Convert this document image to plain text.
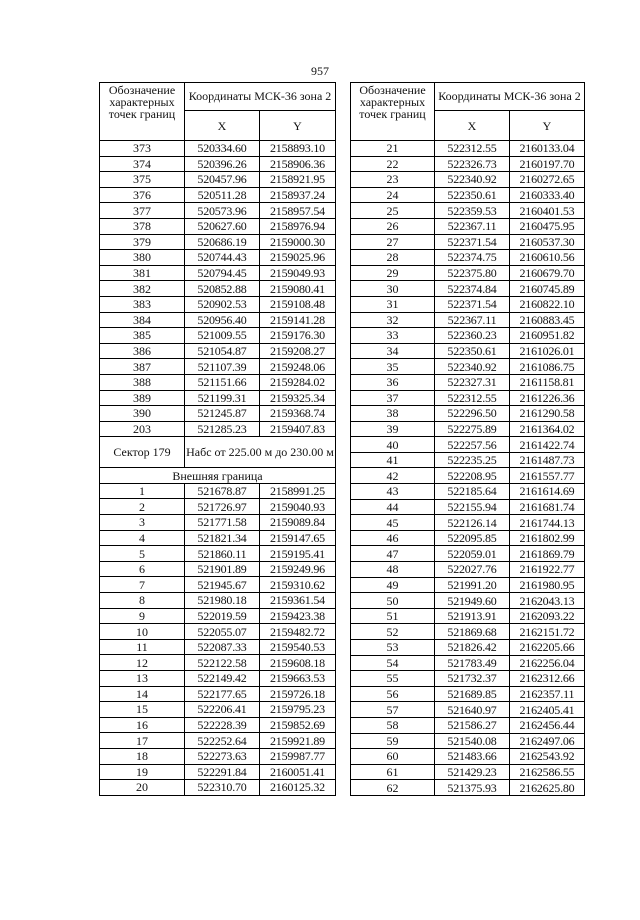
957
Обозначение характерных точек границ	Координаты МСК-36 зона 2	
	X	Y
373	520334.60	2158893.10
374	520396.26	2158906.36
375	520457.96	2158921.95
376	520511.28	2158937.24
377	520573.96	2158957.54
378	520627.60	2158976.94
379	520686.19	2159000.30
380	520744.43	2159025.96
381	520794.45	2159049.93
382	520852.88	2159080.41
383	520902.53	2159108.48
384	520956.40	2159141.28
385	521009.55	2159176.30
386	521054.87	2159208.27
387	521107.39	2159248.06
388	521151.66	2159284.02
389	521199.31	2159325.34
390	521245.87	2159368.74
203	521285.23	2159407.83
Сектор 179	Набс от 225.00 м до 230.00 м	

Внешняя граница		
1	521678.87	2158991.25
2	521726.97	2159040.93
3	521771.58	2159089.84
4	521821.34	2159147.65
5	521860.11	2159195.41
6	521901.89	2159249.96
7	521945.67	2159310.62
8	521980.18	2159361.54
9	522019.59	2159423.38
10	522055.07	2159482.72
11	522087.33	2159540.53
12	522122.58	2159608.18
13	522149.42	2159663.53
14	522177.65	2159726.18
15	522206.41	2159795.23
16	522228.39	2159852.69
17	522252.64	2159921.89
18	522273.63	2159987.77
19	522291.84	2160051.41
20	522310.70	2160125.32
Обозначение характерных точек границ	Координаты МСК-36 зона 2	
	X	Y
21	522312.55	2160133.04
22	522326.73	2160197.70
23	522340.92	2160272.65
24	522350.61	2160333.40
25	522359.53	2160401.53
26	522367.11	2160475.95
27	522371.54	2160537.30
28	522374.75	2160610.56
29	522375.80	2160679.70
30	522374.84	2160745.89
31	522371.54	2160822.10
32	522367.11	2160883.45
33	522360.23	2160951.82
34	522350.61	2161026.01
35	522340.92	2161086.75
36	522327.31	2161158.81
37	522312.55	2161226.36
38	522296.50	2161290.58
39	522275.89	2161364.02
40	522257.56	2161422.74
41	522235.25	2161487.73
42	522208.95	2161557.77
43	522185.64	2161614.69
44	522155.94	2161681.74
45	522126.14	2161744.13
46	522095.85	2161802.99
47	522059.01	2161869.79
48	522027.76	2161922.77
49	521991.20	2161980.95
50	521949.60	2162043.13
51	521913.91	2162093.22
52	521869.68	2162151.72
53	521826.42	2162205.66
54	521783.49	2162256.04
55	521732.37	2162312.66
56	521689.85	2162357.11
57	521640.97	2162405.41
58	521586.27	2162456.44
59	521540.08	2162497.06
60	521483.66	2162543.92
61	521429.23	2162586.55
62	521375.93	2162625.80
